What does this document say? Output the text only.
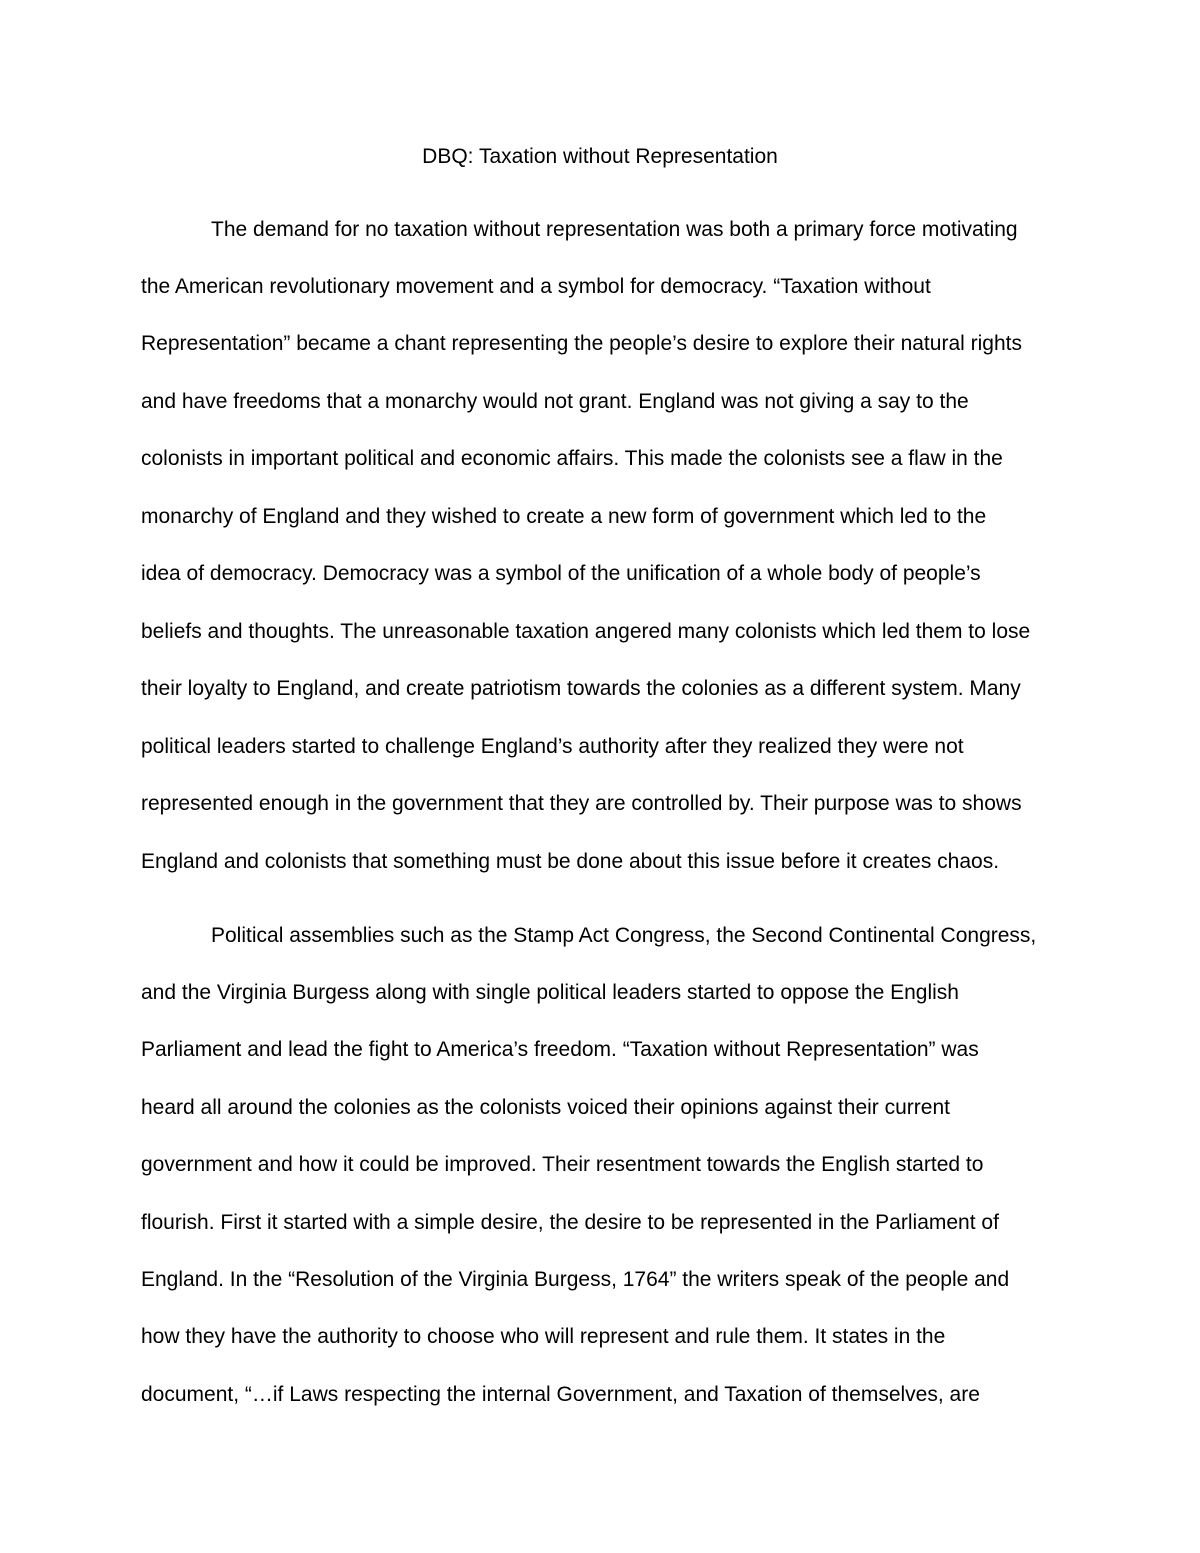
DBQ: Taxation without Representation
The demand for no taxation without representation was both a primary force motivating
the American revolutionary movement and a symbol for democracy. “Taxation without
Representation” became a chant representing the people’s desire to explore their natural rights
and have freedoms that a monarchy would not grant. England was not giving a say to the
colonists in important political and economic affairs. This made the colonists see a flaw in the
monarchy of England and they wished to create a new form of government which led to the
idea of democracy. Democracy was a symbol of the unification of a whole body of people’s
beliefs and thoughts. The unreasonable taxation angered many colonists which led them to lose
their loyalty to England, and create patriotism towards the colonies as a different system. Many
political leaders started to challenge England’s authority after they realized they were not
represented enough in the government that they are controlled by. Their purpose was to shows
England and colonists that something must be done about this issue before it creates chaos.
Political assemblies such as the Stamp Act Congress, the Second Continental Congress,
and the Virginia Burgess along with single political leaders started to oppose the English
Parliament and lead the fight to America’s freedom. “Taxation without Representation” was
heard all around the colonies as the colonists voiced their opinions against their current
government and how it could be improved. Their resentment towards the English started to
flourish. First it started with a simple desire, the desire to be represented in the Parliament of
England. In the “Resolution of the Virginia Burgess, 1764” the writers speak of the people and
how they have the authority to choose who will represent and rule them. It states in the
document, “…if Laws respecting the internal Government, and Taxation of themselves, are
